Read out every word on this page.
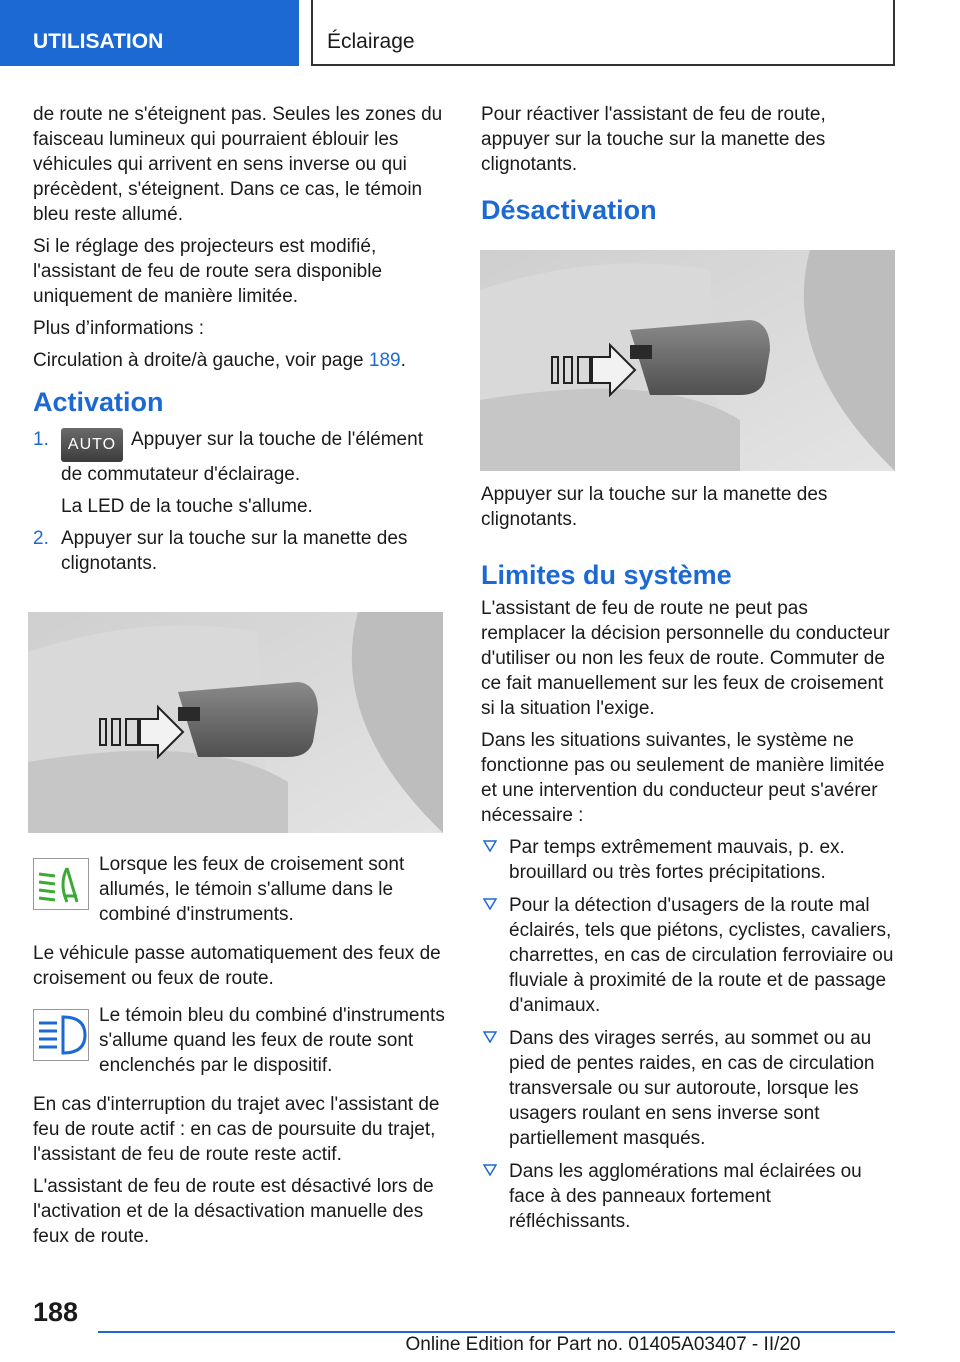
UTILISATION	Éclairage

de route ne s'éteignent pas. Seules les zones du faisceau lumineux qui pourraient éblouir les véhicules qui arrivent en sens inverse ou qui précèdent, s'éteignent. Dans ce cas, le témoin bleu reste allumé.

Si le réglage des projecteurs est modifié, l'assistant de feu de route sera disponible uniquement de manière limitée.

Plus d’informations :

Circulation à droite/à gauche, voir page 189.

Activation
1. AUTO Appuyer sur la touche de l'élément de commutateur d'éclairage.
La LED de la touche s'allume.
2. Appuyer sur la touche sur la manette des clignotants.
Lorsque les feux de croisement sont allumés, le témoin s'allume dans le combiné d'instruments.

Le véhicule passe automatiquement des feux de croisement ou feux de route.

Le témoin bleu du combiné d'instruments s'allume quand les feux de route sont enclenchés par le dispositif.

En cas d'interruption du trajet avec l'assistant de feu de route actif : en cas de poursuite du trajet, l'assistant de feu de route reste actif.

L'assistant de feu de route est désactivé lors de l'activation et de la désactivation manuelle des feux de route.

Pour réactiver l'assistant de feu de route, appuyer sur la touche sur la manette des clignotants.

Désactivation

Appuyer sur la touche sur la manette des clignotants.

Limites du système

L'assistant de feu de route ne peut pas remplacer la décision personnelle du conducteur d'utiliser ou non les feux de route. Commuter de ce fait manuellement sur les feux de croisement si la situation l'exige.

Dans les situations suivantes, le système ne fonctionne pas ou seulement de manière limitée et une intervention du conducteur peut s'avérer nécessaire :

Par temps extrêmement mauvais, p. ex. brouillard ou très fortes précipitations.
Pour la détection d'usagers de la route mal éclairés, tels que piétons, cyclistes, cavaliers, charrettes, en cas de circulation ferroviaire ou fluviale à proximité de la route et de passage d'animaux.
Dans des virages serrés, au sommet ou au pied de pentes raides, en cas de circulation transversale ou sur autoroute, lorsque les usagers roulant en sens inverse sont partiellement masqués.
Dans les agglomérations mal éclairées ou face à des panneaux fortement réfléchissants.
188
Online Edition for Part no. 01405A03407 - II/20
